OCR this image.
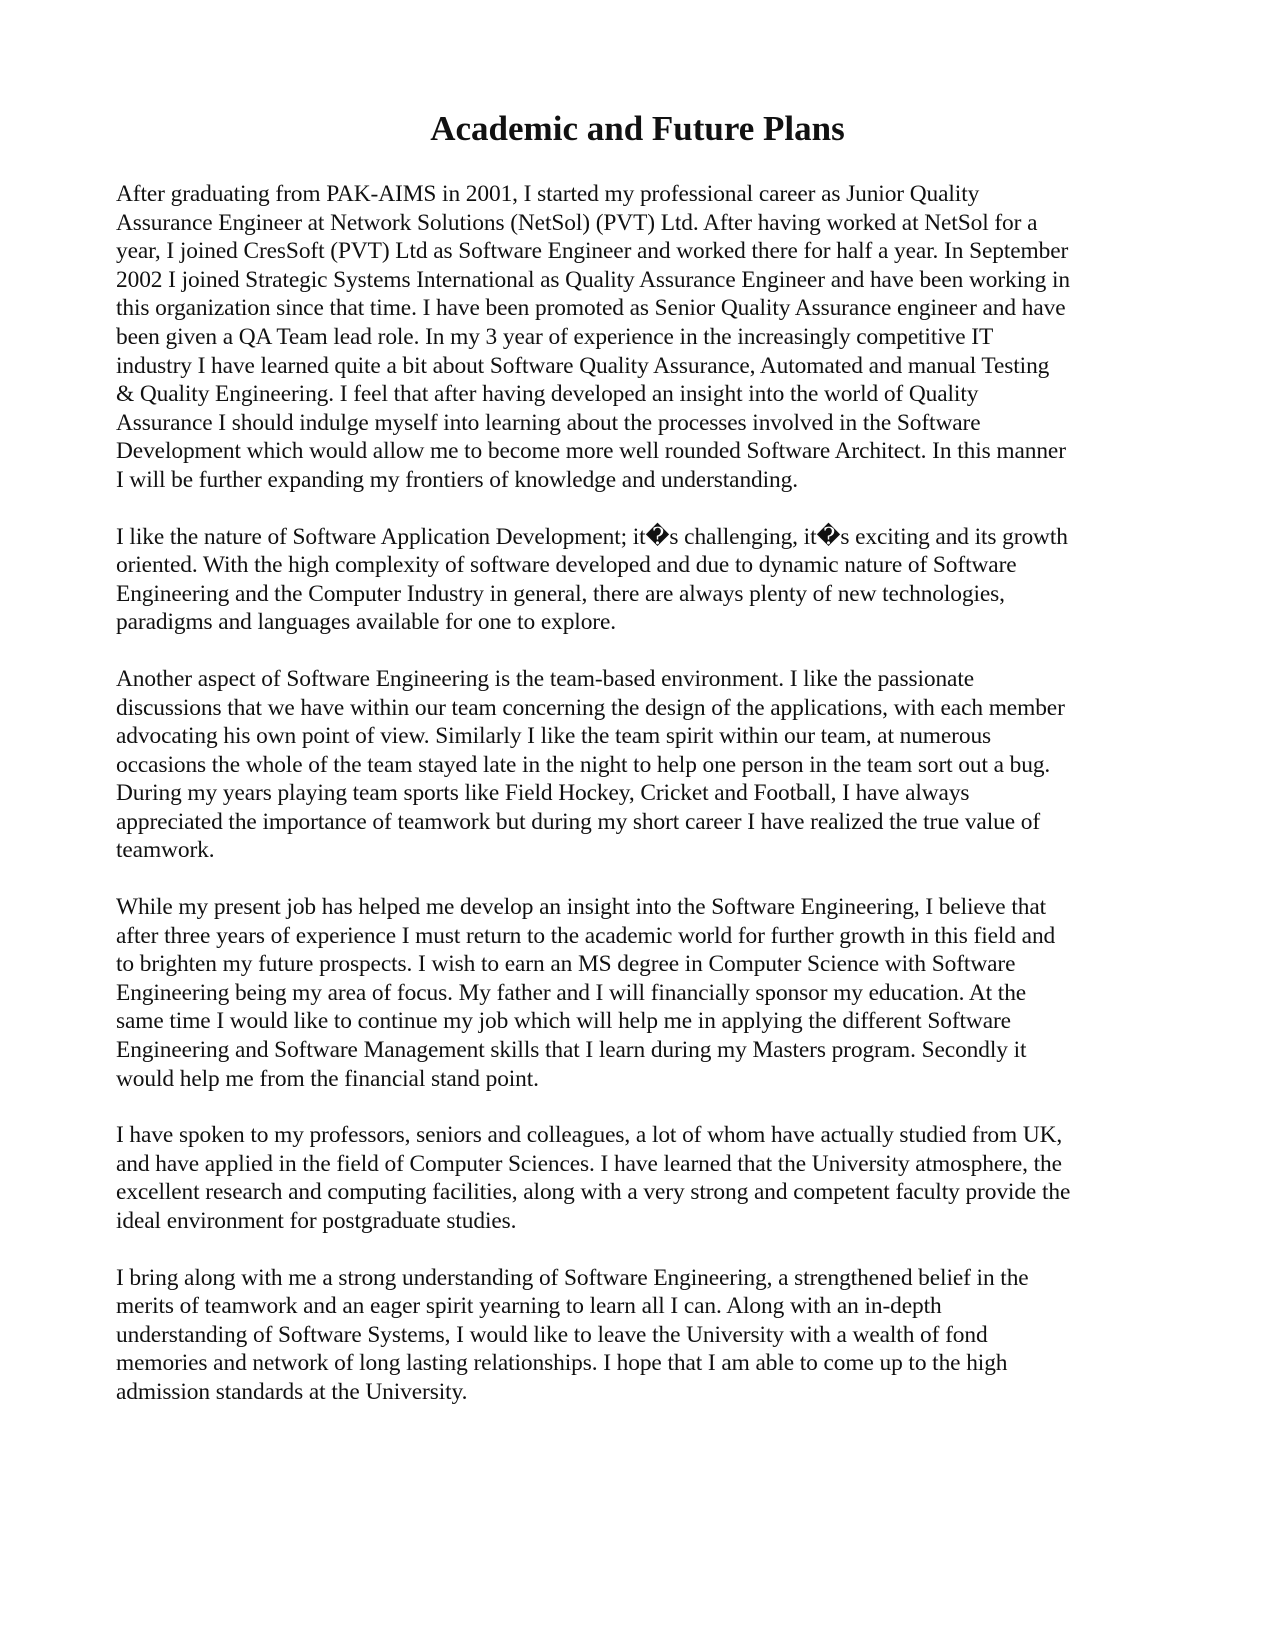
Academic and Future Plans

After graduating from PAK-AIMS in 2001, I started my professional career as Junior Quality
Assurance Engineer at Network Solutions (NetSol) (PVT) Ltd. After having worked at NetSol for a
year, I joined CresSoft (PVT) Ltd as Software Engineer and worked there for half a year. In September
2002 I joined Strategic Systems International as Quality Assurance Engineer and have been working in
this organization since that time. I have been promoted as Senior Quality Assurance engineer and have
been given a QA Team lead role. In my 3 year of experience in the increasingly competitive IT
industry I have learned quite a bit about Software Quality Assurance, Automated and manual Testing
& Quality Engineering. I feel that after having developed an insight into the world of Quality
Assurance I should indulge myself into learning about the processes involved in the Software
Development which would allow me to become more well rounded Software Architect. In this manner
I will be further expanding my frontiers of knowledge and understanding.

I like the nature of Software Application Development; it�s challenging, it�s exciting and its growth
oriented. With the high complexity of software developed and due to dynamic nature of Software
Engineering and the Computer Industry in general, there are always plenty of new technologies,
paradigms and languages available for one to explore.

Another aspect of Software Engineering is the team-based environment. I like the passionate
discussions that we have within our team concerning the design of the applications, with each member
advocating his own point of view. Similarly I like the team spirit within our team, at numerous
occasions the whole of the team stayed late in the night to help one person in the team sort out a bug.
During my years playing team sports like Field Hockey, Cricket and Football, I have always
appreciated the importance of teamwork but during my short career I have realized the true value of
teamwork.

While my present job has helped me develop an insight into the Software Engineering, I believe that
after three years of experience I must return to the academic world for further growth in this field and
to brighten my future prospects. I wish to earn an MS degree in Computer Science with Software
Engineering being my area of focus. My father and I will financially sponsor my education. At the
same time I would like to continue my job which will help me in applying the different Software
Engineering and Software Management skills that I learn during my Masters program. Secondly it
would help me from the financial stand point.

I have spoken to my professors, seniors and colleagues, a lot of whom have actually studied from UK,
and have applied in the field of Computer Sciences. I have learned that the University atmosphere, the
excellent research and computing facilities, along with a very strong and competent faculty provide the
ideal environment for postgraduate studies.

I bring along with me a strong understanding of Software Engineering, a strengthened belief in the
merits of teamwork and an eager spirit yearning to learn all I can. Along with an in-depth
understanding of Software Systems, I would like to leave the University with a wealth of fond
memories and network of long lasting relationships. I hope that I am able to come up to the high
admission standards at the University.
